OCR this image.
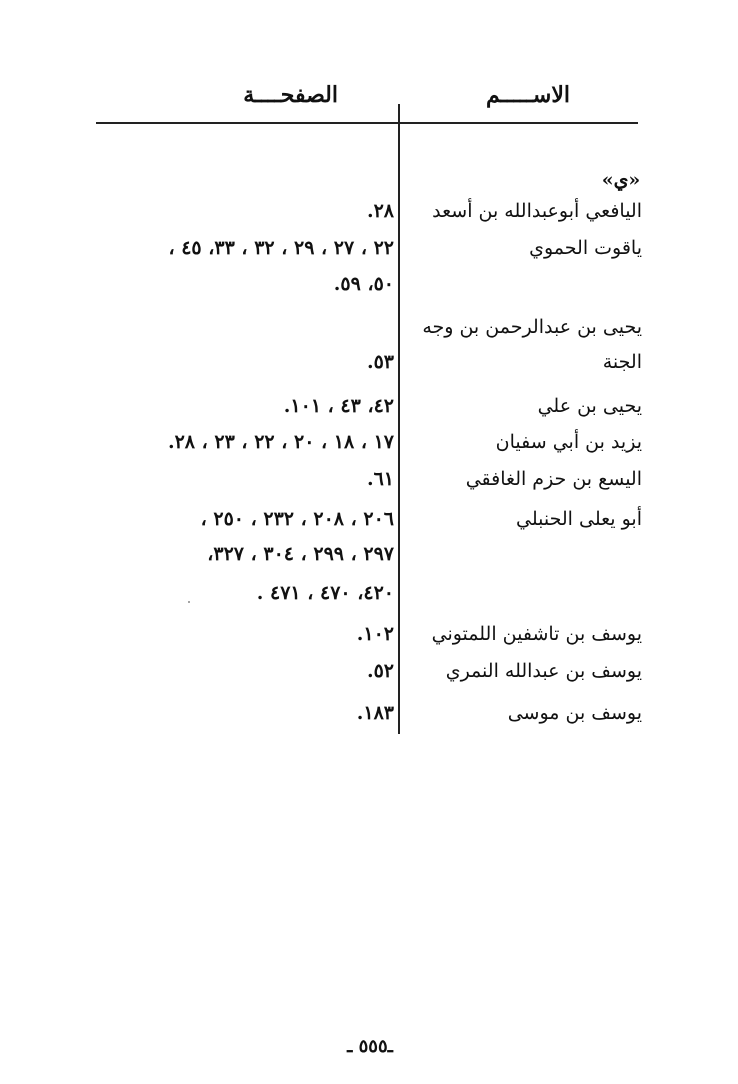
الاســـــم
الصفحــــة
«ي»
اليافعي أبوعبدالله بن أسعد
٢٨.
ياقوت الحموي
٢٢ ، ٢٧ ، ٢٩ ، ٣٢ ، ٣٣، ٤٥ ،
٥٠، ٥٩.
يحيى بن عبدالرحمن بن وجه
الجنة
٥٣.
يحيى بن علي
٤٢، ٤٣ ، ١٠١.
يزيد بن أبي سفيان
١٧ ، ١٨ ، ٢٠ ، ٢٢ ، ٢٣ ، ٢٨.
اليسع بن حزم الغافقي
٦١.
أبو يعلى الحنبلي
٢٠٦ ، ٢٠٨ ، ٢٣٢ ، ٢٥٠ ،
٢٩٧ ، ٢٩٩ ، ٣٠٤ ، ٣٢٧،
٤٢٠، ٤٧٠ ، ٤٧١ .
يوسف بن تاشفين اللمتوني
١٠٢.
يوسف بن عبدالله النمري
٥٢.
يوسف بن موسى
١٨٣.
ـ٥٥٥ ـ
